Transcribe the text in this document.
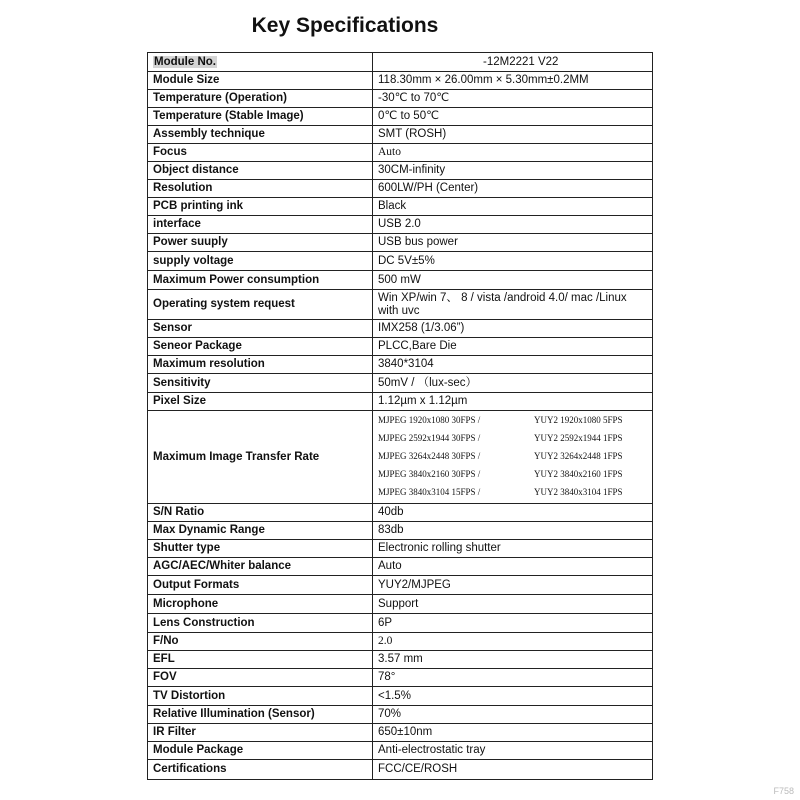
Key Specifications
Module No.	-12M2221 V22
Module Size	118.30mm × 26.00mm × 5.30mm±0.2MM
Temperature (Operation)	-30℃ to 70℃
Temperature (Stable Image)	0℃ to 50℃
Assembly technique	SMT (ROSH)
Focus	Auto
Object distance	30CM-infinity
Resolution	600LW/PH (Center)
PCB printing ink	Black
interface	USB 2.0
Power suuply	USB bus power
supply voltage	DC 5V±5%
Maximum Power consumption	500 mW
Operating system request	Win XP/win 7、 8 / vista /android 4.0/ mac /Linux with uvc
Sensor	IMX258 (1/3.06”)
Seneor Package	PLCC,Bare Die
Maximum resolution	3840*3104
Sensitivity	50mV / （lux-sec）
Pixel Size	1.12µm x 1.12µm
Maximum Image Transfer Rate	
MJPEG 1920x1080 30FPS /	YUY2 1920x1080 5FPS
MJPEG 2592x1944 30FPS /	YUY2 2592x1944 1FPS
MJPEG 3264x2448 30FPS /	YUY2 3264x2448 1FPS
MJPEG 3840x2160 30FPS /	YUY2 3840x2160 1FPS
MJPEG 3840x3104 15FPS /	YUY2 3840x3104 1FPS

S/N Ratio	40db
Max Dynamic Range	83db
Shutter type	Electronic rolling shutter
AGC/AEC/Whiter balance	Auto
Output Formats	YUY2/MJPEG
Microphone	Support
Lens Construction	6P
F/No	2.0
EFL	3.57 mm
FOV	78°
TV Distortion	<1.5%
Relative Illumination (Sensor)	70%
IR Filter	650±10nm
Module Package	Anti-electrostatic tray
Certifications	FCC/CE/ROSH
F758
